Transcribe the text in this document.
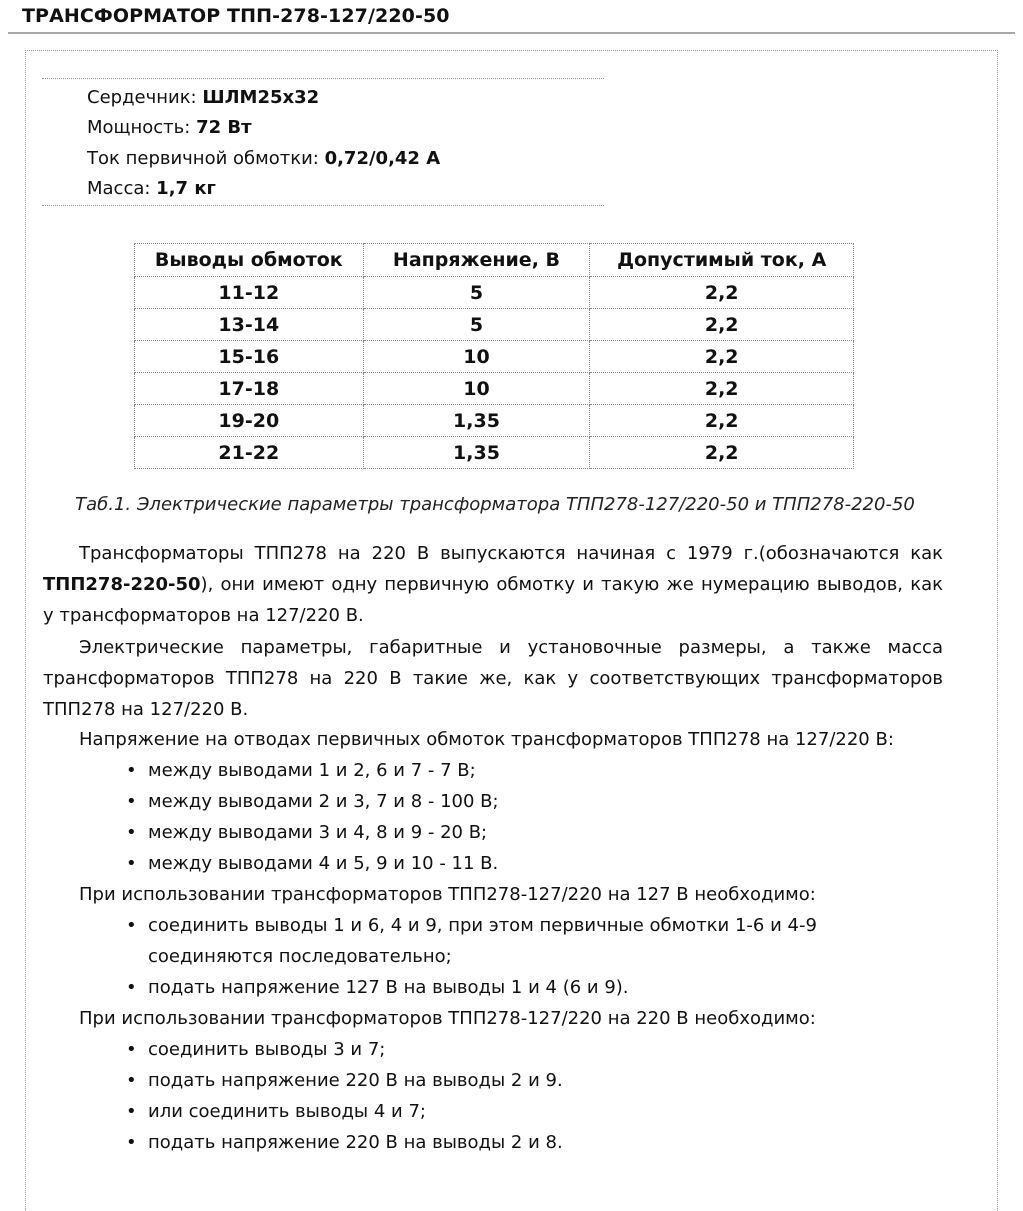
ТРАНСФОРМАТОР ТПП-278-127/220-50
Сердечник: ШЛМ25х32
Мощность: 72 Вт
Ток первичной обмотки: 0,72/0,42 А
Масса: 1,7 кг
Выводы обмоток	Напряжение, В	Допустимый ток, А
11-12	5	2,2
13-14	5	2,2
15-16	10	2,2
17-18	10	2,2
19-20	1,35	2,2
21-22	1,35	2,2
Таб.1. Электрические параметры трансформатора ТПП278-127/220-50 и ТПП278-220-50
Трансформаторы ТПП278 на 220 В выпускаются начиная с 1979 г.(обозначаются как ТПП278-220-50), они имеют одну первичную обмотку и такую же нумерацию выводов, как у трансформаторов на 127/220 В.
Электрические параметры, габаритные и установочные размеры, а также масса трансформаторов ТПП278 на 220 В такие же, как у соответствующих трансформаторов ТПП278 на 127/220 В.
Напряжение на отводах первичных обмоток трансформаторов ТПП278 на 127/220 В:
• между выводами 1 и 2, 6 и 7 - 7 В;
• между выводами 2 и 3, 7 и 8 - 100 В;
• между выводами 3 и 4, 8 и 9 - 20 В;
• между выводами 4 и 5, 9 и 10 - 11 В.
При использовании трансформаторов ТПП278-127/220 на 127 В необходимо:
• соединить выводы 1 и 6, 4 и 9, при этом первичные обмотки 1-6 и 4-9
соединяются последовательно;
• подать напряжение 127 В на выводы 1 и 4 (6 и 9).
При использовании трансформаторов ТПП278-127/220 на 220 В необходимо:
• соединить выводы 3 и 7;
• подать напряжение 220 В на выводы 2 и 9.
• или соединить выводы 4 и 7;
• подать напряжение 220 В на выводы 2 и 8.
